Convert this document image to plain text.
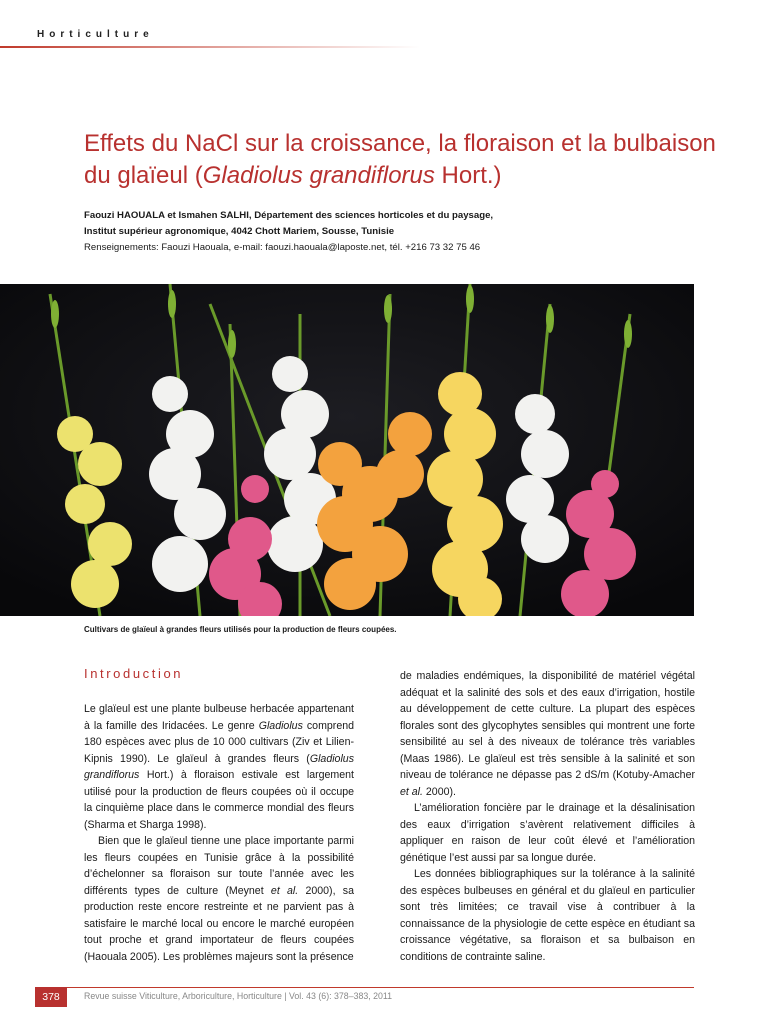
Horticulture
Effets du NaCl sur la croissance, la floraison et la bulbaison du glaïeul (Gladiolus grandiflorus Hort.)
Faouzi HAOUALA et Ismahen SALHI, Département des sciences horticoles et du paysage,
Institut supérieur agronomique, 4042 Chott Mariem, Sousse, Tunisie
Renseignements: Faouzi Haouala, e-mail: faouzi.haouala@laposte.net, tél. +216 73 32 75 46
Cultivars de glaïeul à grandes fleurs utilisés pour la production de fleurs coupées.
Introduction

Le glaïeul est une plante bulbeuse herbacée appartenant à la famille des Iridacées. Le genre Gladiolus comprend 180 espèces avec plus de 10 000 cultivars (Ziv et Lilien-Kipnis 1990). Le glaïeul à grandes fleurs (Gladiolus grandiflorus Hort.) à floraison estivale est largement utilisé pour la production de fleurs coupées où il occupe la cinquième place dans le commerce mondial des fleurs (Sharma et Sharga 1998).

Bien que le glaïeul tienne une place importante parmi les fleurs coupées en Tunisie grâce à la possibilité d’échelonner sa floraison sur toute l’année avec les différents types de culture (Meynet et al. 2000), sa production reste encore restreinte et ne parvient pas à satisfaire le marché local ou encore le marché européen tout proche et grand importateur de fleurs coupées (Haouala 2005). Les problèmes majeurs sont la présence

de maladies endémiques, la disponibilité de matériel végétal adéquat et la salinité des sols et des eaux d’irrigation, hostile au développement de cette culture. La plupart des espèces florales sont des glycophytes sensibles qui montrent une forte sensibilité au sel à des niveaux de tolérance très variables (Maas 1986). Le glaïeul est très sensible à la salinité et son niveau de tolérance ne dépasse pas 2 dS/m (Kotuby-Amacher et al. 2000).

L’amélioration foncière par le drainage et la désalinisation des eaux d’irrigation s’avèrent relativement difficiles à appliquer en raison de leur coût élevé et l’amélioration génétique l’est aussi par sa longue durée.

Les données bibliographiques sur la tolérance à la salinité des espèces bulbeuses en général et du glaïeul en particulier sont très limitées; ce travail vise à contribuer à la connaissance de la physiologie de cette espèce en étudiant sa croissance végétative, sa floraison et sa bulbaison en conditions de contrainte saline.

378	Revue suisse Viticulture, Arboriculture, Horticulture | Vol. 43 (6): 378–383, 2011
